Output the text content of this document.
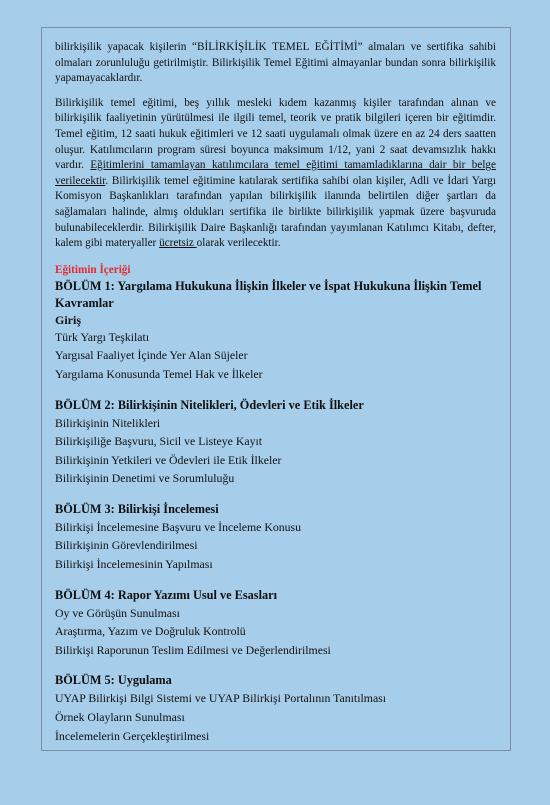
bilirkişilik yapacak kişilerin “BİLİRKİŞİLİK TEMEL EĞİTİMİ” almaları ve sertifika sahibi olmaları zorunluluğu getirilmiştir. Bilirkişilik Temel Eğitimi almayanlar bundan sonra bilirkişilik yapamayacaklardır.

Bilirkişilik temel eğitimi, beş yıllık mesleki kıdem kazanmış kişiler tarafından alınan ve bilirkişilik faaliyetinin yürütülmesi ile ilgili temel, teorik ve pratik bilgileri içeren bir eğitimdir. Temel eğitim, 12 saati hukuk eğitimleri ve 12 saati uygulamalı olmak üzere en az 24 ders saatten oluşur. Katılımcıların program süresi boyunca maksimum 1/12, yani 2 saat devamsızlık hakkı vardır. Eğitimlerini tamamlayan katılımcılara temel eğitimi tamamladıklarına dair bir belge verilecektir. Bilirkişilik temel eğitimine katılarak sertifika sahibi olan kişiler, Adli ve İdari Yargı Komisyon Başkanlıkları tarafından yapılan bilirkişilik ilanında belirtilen diğer şartları da sağlamaları halinde, almış oldukları sertifika ile birlikte bilirkişilik yapmak üzere başvuruda bulunabileceklerdir. Bilirkişilik Daire Başkanlığı tarafından yayımlanan Katılımcı Kitabı, defter, kalem gibi materyaller ücretsiz olarak verilecektir.

Eğitimin İçeriği
BÖLÜM 1: Yargılama Hukukuna İlişkin İlkeler ve İspat Hukukuna İlişkin Temel Kavramlar
Giriş
Türk Yargı Teşkilatı
Yargısal Faaliyet İçinde Yer Alan Süjeler
Yargılama Konusunda Temel Hak ve İlkeler
BÖLÜM 2: Bilirkişinin Nitelikleri, Ödevleri ve Etik İlkeler
Bilirkişinin Nitelikleri
Bilirkişiliğe Başvuru, Sicil ve Listeye Kayıt
Bilirkişinin Yetkileri ve Ödevleri ile Etik İlkeler
Bilirkişinin Denetimi ve Sorumluluğu
BÖLÜM 3: Bilirkişi İncelemesi
Bilirkişi İncelemesine Başvuru ve İnceleme Konusu
Bilirkişinin Görevlendirilmesi
Bilirkişi İncelemesinin Yapılması
BÖLÜM 4: Rapor Yazımı Usul ve Esasları
Oy ve Görüşün Sunulması
Araştırma, Yazım ve Doğruluk Kontrolü
Bilirkişi Raporunun Teslim Edilmesi ve Değerlendirilmesi
BÖLÜM 5: Uygulama
UYAP Bilirkişi Bilgi Sistemi ve UYAP Bilirkişi Portalının Tanıtılması
Örnek Olayların Sunulması
İncelemelerin Gerçekleştirilmesi
